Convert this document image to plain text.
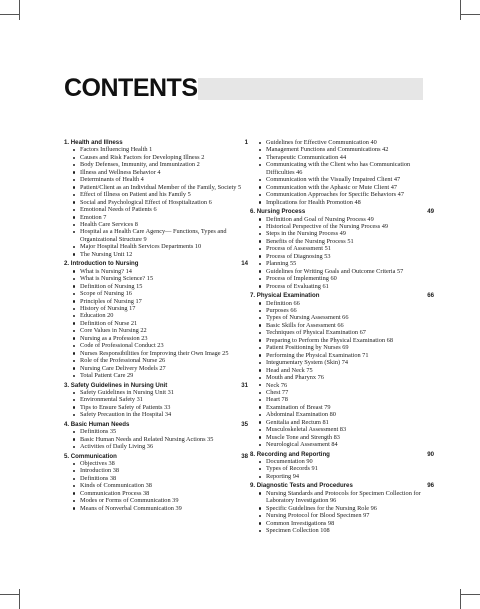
CONTENTS
1. Health and Illness	1
Factors Influencing Health 1
Causes and Risk Factors for Developing Illness 2
Body Defenses, Immunity, and Immunization 2
Illness and Wellness Behavior 4
Determinants of Health 4
Patient/Client as an Individual Member of the Family, Society 5
Effect of Illness on Patient and his Family 5
Social and Psychological Effect of Hospitalization 6
Emotional Needs of Patients 6
Emotion 7
Health Care Services 8
Hospital as a Health Care Agency— Functions, Types and Organizational Structure 9
Major Hospital Health Services Departments 10
The Nursing Unit 12
2. Introduction to Nursing	14
What is Nursing? 14
What is Nursing Science? 15
Definition of Nursing 15
Scope of Nursing 16
Principles of Nursing 17
History of Nursing 17
Education 20
Definition of Nurse 21
Core Values in Nursing 22
Nursing as a Profession 23
Code of Professional Conduct 23
Nurses Responsibilities for Improving their Own Image 25
Role of the Professional Nurse 26
Nursing Care Delivery Models 27
Total Patient Care 29
3. Safety Guidelines in Nursing Unit	31
Safety Guidelines in Nursing Unit 31
Environmental Safety 31
Tips to Ensure Safety of Patients 33
Safety Precaution in the Hospital 34
4. Basic Human Needs	35
Definitions 35
Basic Human Needs and Related Nursing Actions 35
Activities of Daily Living 36
5. Communication	38
Objectives 38
Introduction 38
Definitions 38
Kinds of Communication 38
Communication Process 38
Modes or Forms of Communication 39
Means of Nonverbal Communication 39
Guidelines for Effective Communication 40
Management Functions and Communications 42
Therapeutic Communication 44
Communicating with the Client who has Communication Difficulties 46
Communication with the Visually Impaired Client 47
Communication with the Aphasic or Mute Client 47
Communication Approaches for Specific Behaviors 47
Implications for Health Promotion 48
6. Nursing Process	49
Definition and Goal of Nursing Process 49
Historical Perspective of the Nursing Process 49
Steps in the Nursing Process 49
Benefits of the Nursing Process 51
Process of Assessment 51
Process of Diagnosing 53
Planning 55
Guidelines for Writing Goals and Outcome Criteria 57
Process of Implementing 60
Process of Evaluating 61
7. Physical Examination	66
Definition 66
Purposes 66
Types of Nursing Assessment 66
Basic Skills for Assessment 66
Techniques of Physical Examination 67
Preparing to Perform the Physical Examination 68
Patient Positioning by Nurses 69
Performing the Physical Examination 71
Integumentary System (Skin) 74
Head and Neck 75
Mouth and Pharynx 76
Neck 76
Chest 77
Heart 78
Examination of Breast 79
Abdominal Examination 80
Genitalia and Rectum 81
Musculoskeletal Assessment 83
Muscle Tone and Strength 83
Neurological Assessment 84
8. Recording and Reporting	90
Documentation 90
Types of Records 91
Reporting 94
9. Diagnostic Tests and Procedures	96
Nursing Standards and Protocols for Specimen Collection for Laboratory Investigation 96
Specific Guidelines for the Nursing Role 96
Nursing Protocol for Blood Specimen 97
Common Investigations 98
Specimen Collection 108
